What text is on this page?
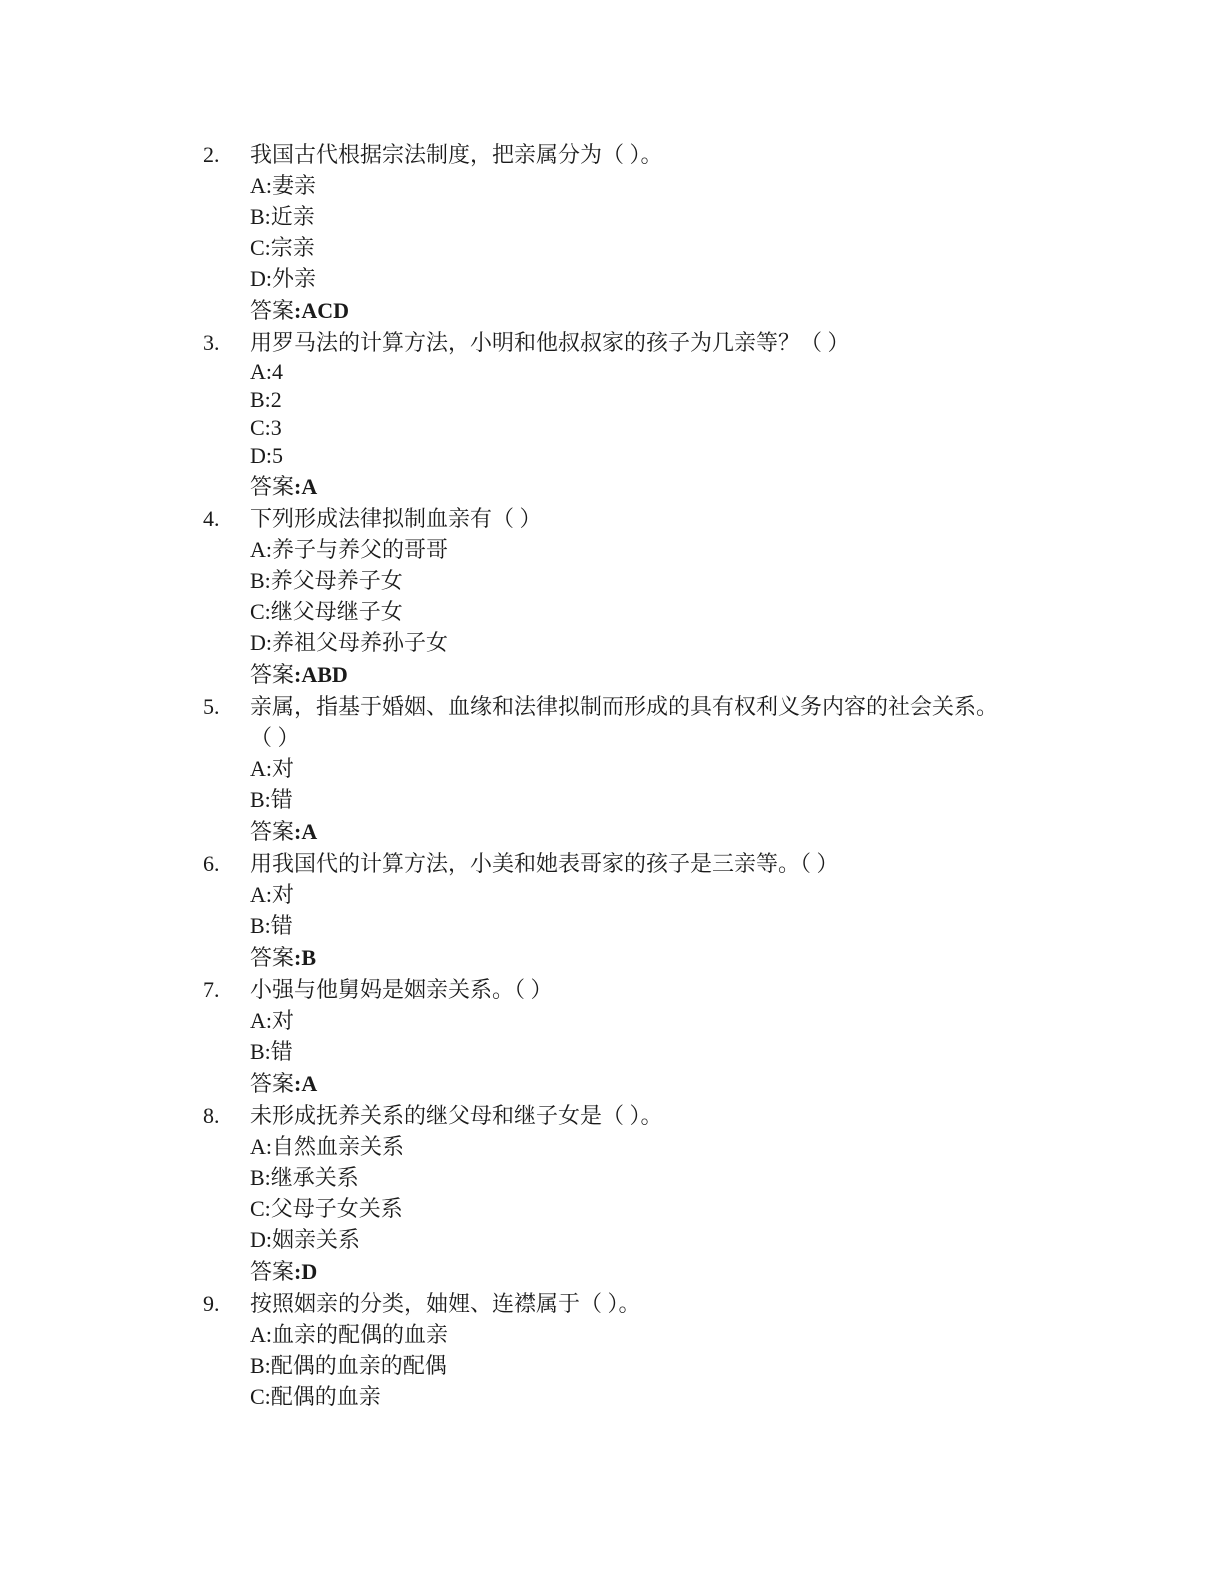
2. 我国古代根据宗法制度，把亲属分为（ ）。
A:妻亲
B:近亲
C:宗亲
D:外亲
答案:ACD
3. 用罗马法的计算方法，小明和他叔叔家的孩子为几亲等？（ ）
A:4
B:2
C:3
D:5
答案:A
4. 下列形成法律拟制血亲有（ ）
A:养子与养父的哥哥
B:养父母养子女
C:继父母继子女
D:养祖父母养孙子女
答案:ABD
5. 亲属，指基于婚姻、血缘和法律拟制而形成的具有权利义务内容的社会关系。
（ ）
A:对
B:错
答案:A
6. 用我国代的计算方法，小美和她表哥家的孩子是三亲等。（ ）
A:对
B:错
答案:B
7. 小强与他舅妈是姻亲关系。（ ）
A:对
B:错
答案:A
8. 未形成抚养关系的继父母和继子女是（ ）。
A:自然血亲关系
B:继承关系
C:父母子女关系
D:姻亲关系
答案:D
9. 按照姻亲的分类，妯娌、连襟属于（ ）。
A:血亲的配偶的血亲
B:配偶的血亲的配偶
C:配偶的血亲
